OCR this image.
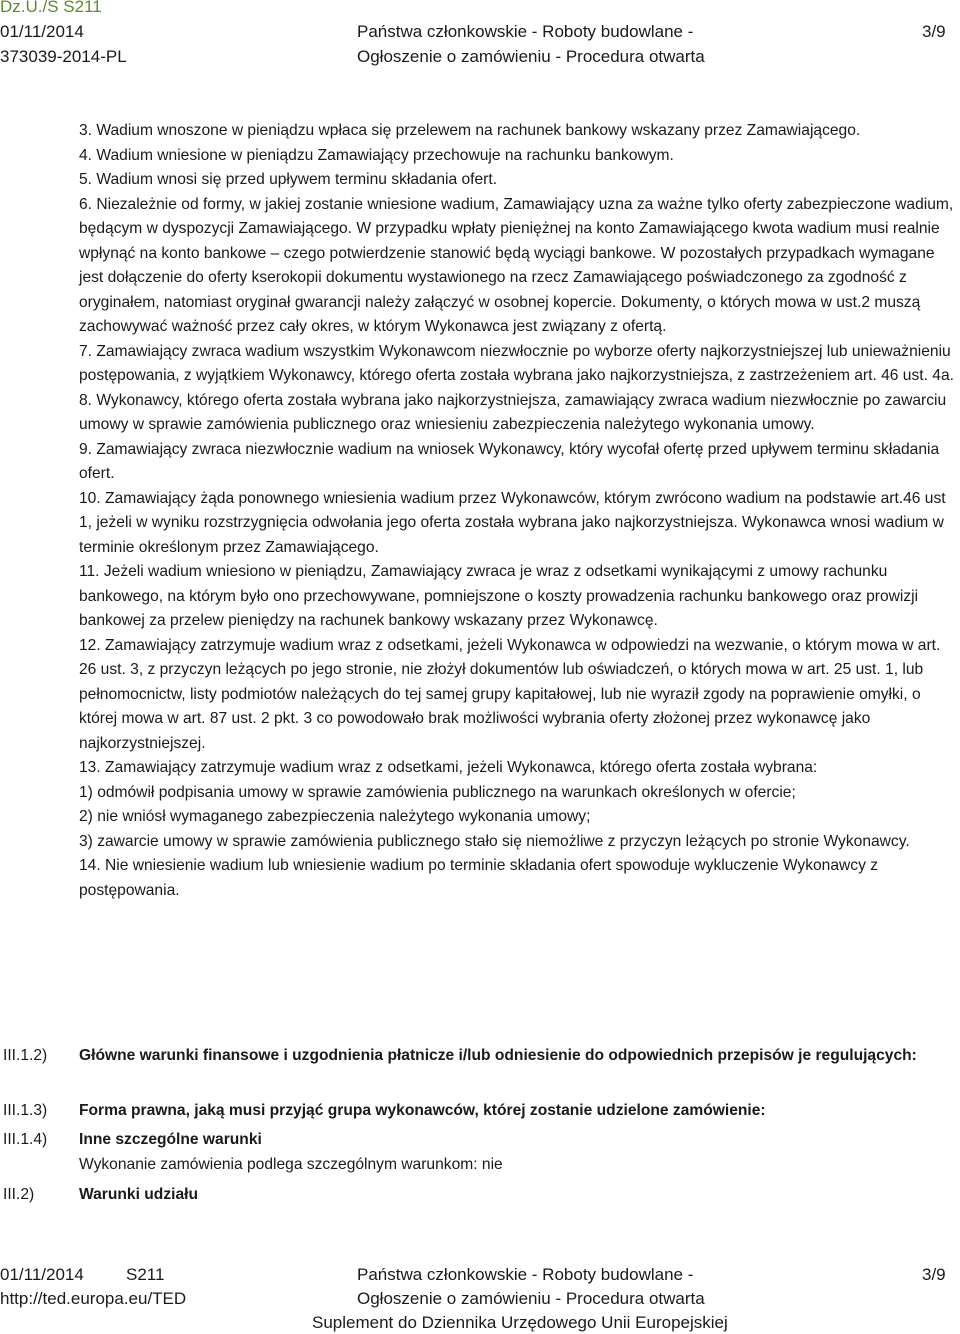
Dz.U./S S211
01/11/2014
373039-2014-PL
Państwa członkowskie - Roboty budowlane -
Ogłoszenie o zamówieniu - Procedura otwarta
3/9

3. Wadium wnoszone w pieniądzu wpłaca się przelewem na rachunek bankowy wskazany przez Zamawiającego.

4. Wadium wniesione w pieniądzu Zamawiający przechowuje na rachunku bankowym.

5. Wadium wnosi się przed upływem terminu składania ofert.

6. Niezależnie od formy, w jakiej zostanie wniesione wadium, Zamawiający uzna za ważne tylko oferty zabezpieczone wadium, będącym w dyspozycji Zamawiającego. W przypadku wpłaty pieniężnej na konto Zamawiającego kwota wadium musi realnie wpłynąć na konto bankowe – czego potwierdzenie stanowić będą wyciągi bankowe. W pozostałych przypadkach wymagane jest dołączenie do oferty kserokopii dokumentu wystawionego na rzecz Zamawiającego poświadczonego za zgodność z oryginałem, natomiast oryginał gwarancji należy załączyć w osobnej kopercie. Dokumenty, o których mowa w ust.2 muszą zachowywać ważność przez cały okres, w którym Wykonawca jest związany z ofertą.

7. Zamawiający zwraca wadium wszystkim Wykonawcom niezwłocznie po wyborze oferty najkorzystniejszej lub unieważnieniu postępowania, z wyjątkiem Wykonawcy, którego oferta została wybrana jako najkorzystniejsza, z zastrzeżeniem art. 46 ust. 4a.

8. Wykonawcy, którego oferta została wybrana jako najkorzystniejsza, zamawiający zwraca wadium niezwłocznie po zawarciu umowy w sprawie zamówienia publicznego oraz wniesieniu zabezpieczenia należytego wykonania umowy.

9. Zamawiający zwraca niezwłocznie wadium na wniosek Wykonawcy, który wycofał ofertę przed upływem terminu składania ofert.

10. Zamawiający żąda ponownego wniesienia wadium przez Wykonawców, którym zwrócono wadium na podstawie art.46 ust 1, jeżeli w wyniku rozstrzygnięcia odwołania jego oferta została wybrana jako najkorzystniejsza. Wykonawca wnosi wadium w terminie określonym przez Zamawiającego.

11. Jeżeli wadium wniesiono w pieniądzu, Zamawiający zwraca je wraz z odsetkami wynikającymi z umowy rachunku bankowego, na którym było ono przechowywane, pomniejszone o koszty prowadzenia rachunku bankowego oraz prowizji bankowej za przelew pieniędzy na rachunek bankowy wskazany przez Wykonawcę.

12. Zamawiający zatrzymuje wadium wraz z odsetkami, jeżeli Wykonawca w odpowiedzi na wezwanie, o którym mowa w art. 26 ust. 3, z przyczyn leżących po jego stronie, nie złożył dokumentów lub oświadczeń, o których mowa w art. 25 ust. 1, lub pełnomocnictw, listy podmiotów należących do tej samej grupy kapitałowej, lub nie wyraził zgody na poprawienie omyłki, o której mowa w art. 87 ust. 2 pkt. 3 co powodowało brak możliwości wybrania oferty złożonej przez wykonawcę jako najkorzystniejszej.

13. Zamawiający zatrzymuje wadium wraz z odsetkami, jeżeli Wykonawca, którego oferta została wybrana:

1) odmówił podpisania umowy w sprawie zamówienia publicznego na warunkach określonych w ofercie;

2) nie wniósł wymaganego zabezpieczenia należytego wykonania umowy;

3) zawarcie umowy w sprawie zamówienia publicznego stało się niemożliwe z przyczyn leżących po stronie Wykonawcy.

14. Nie wniesienie wadium lub wniesienie wadium po terminie składania ofert spowoduje wykluczenie Wykonawcy z postępowania.

III.1.2) Główne warunki finansowe i uzgodnienia płatnicze i/lub odniesienie do odpowiednich przepisów je regulujących:
III.1.3) Forma prawna, jaką musi przyjąć grupa wykonawców, której zostanie udzielone zamówienie:
III.1.4) Inne szczególne warunki
Wykonanie zamówienia podlega szczególnym warunkom: nie
III.2)	Warunki udziału
01/11/2014 S211
http://ted.europa.eu/TED
Państwa członkowskie - Roboty budowlane -
Ogłoszenie o zamówieniu - Procedura otwarta
Suplement do Dziennika Urzędowego Unii Europejskiej
3/9
